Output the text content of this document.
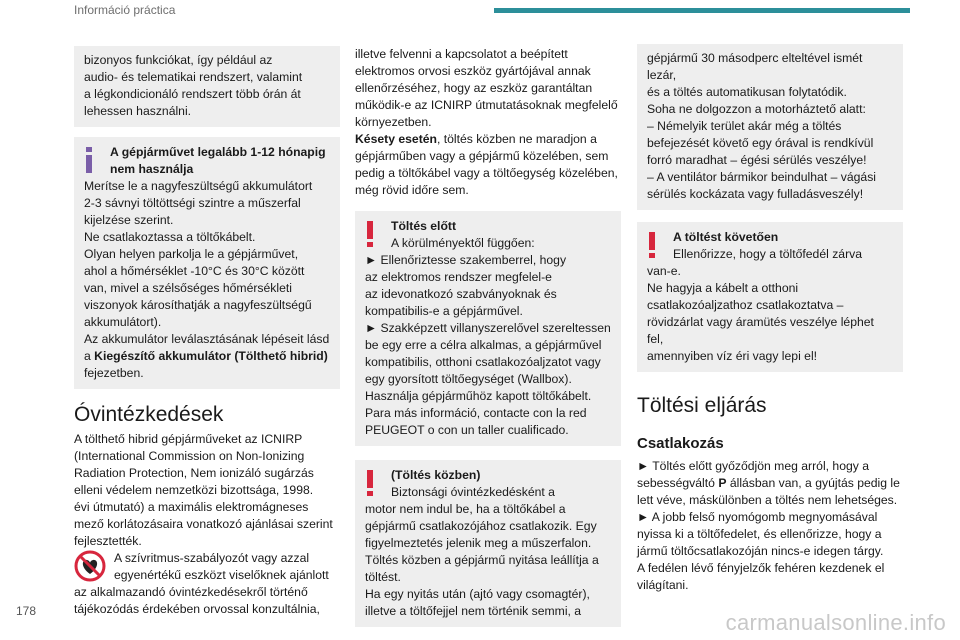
Információ práctica

bizonyos funkciókat, így például az

audio- és telematikai rendszert, valamint

a légkondicionáló rendszert több órán át

lehessen használni.

A gépjárművet legalább 1-12 hónapig

nem használja

Merítse le a nagyfeszültségű akkumulátort

2-3 sávnyi töltöttségi szintre a műszerfal

kijelzése szerint.

Ne csatlakoztassa a töltőkábelt.

Olyan helyen parkolja le a gépjárművet,

ahol a hőmérséklet -10°C és 30°C között

van, mivel a szélsőséges hőmérsékleti

viszonyok károsíthatják a nagyfeszültségű

akkumulátort).

Az akkumulátor leválasztásának lépéseit lásd

a Kiegészítő akkumulátor (Tölthető hibrid)

fejezetben.

Óvintézkedések

A tölthető hibrid gépjárműveket az ICNIRP

(International Commission on Non-Ionizing

Radiation Protection, Nem ionizáló sugárzás

elleni védelem nemzetközi bizottsága, 1998.

évi útmutató) a maximális elektromágneses

mező korlátozásaira vonatkozó ajánlásai szerint

fejlesztették.

A szívritmus-szabályozót vagy azzal

egyenértékű eszközt viselőknek ajánlott

az alkalmazandó óvintézkedésekről történő

tájékozódás érdekében orvossal konzultálnia,

illetve felvenni a kapcsolatot a beépített

elektromos orvosi eszköz gyártójával annak

ellenőrzéséhez, hogy az eszköz garantáltan

működik-e az ICNIRP útmutatásoknak megfelelő

környezetben.

Késety esetén, töltés közben ne maradjon a

gépjárműben vagy a gépjármű közelében, sem

pedig a töltőkábel vagy a töltőegység közelében,

még rövid időre sem.

Töltés előtt

A körülményektől függően:

► Ellenőriztesse szakemberrel, hogy

az elektromos rendszer megfelel-e

az idevonatkozó szabványoknak és

kompatibilis-e a gépjárművel.

► Szakképzett villanyszerelővel szereltessen

be egy erre a célra alkalmas, a gépjárművel

kompatibilis, otthoni csatlakozóaljzatot vagy

egy gyorsított töltőegységet (Wallbox).

Használja gépjárműhöz kapott töltőkábelt.

Para más információ, contacte con la red

PEUGEOT o con un taller cualificado.

(Töltés közben)

Biztonsági óvintézkedésként a

motor nem indul be, ha a töltőkábel a

gépjármű csatlakozójához csatlakozik. Egy

figyelmeztetés jelenik meg a műszerfalon.

Töltés közben a gépjármű nyitása leállítja a

töltést.

Ha egy nyitás után (ajtó vagy csomagtér),

illetve a töltőfejjel nem történik semmi, a

gépjármű 30 másodperc elteltével ismét lezár,

és a töltés automatikusan folytatódik.

Soha ne dolgozzon a motorháztető alatt:

– Némelyik terület akár még a töltés

befejezését követő egy órával is rendkívül

forró maradhat – égési sérülés veszélye!

– A ventilátor bármikor beindulhat – vágási

sérülés kockázata vagy fulladásveszély!

A töltést követően

Ellenőrizze, hogy a töltőfedél zárva

van-e.

Ne hagyja a kábelt a otthoni

csatlakozóaljzathoz csatlakoztatva –

rövidzárlat vagy áramütés veszélye léphet fel,

amennyiben víz éri vagy lepi el!

Töltési eljárás
Csatlakozás

► Töltés előtt győződjön meg arról, hogy a

sebességváltó P állásban van, a gyújtás pedig le

lett véve, máskülönben a töltés nem lehetséges.

► A jobb felső nyomógomb megnyomásával

nyissa ki a töltőfedelet, és ellenőrizze, hogy a

jármű töltőcsatlakozóján nincs-e idegen tárgy.

A fedélen lévő fényjelzők fehéren kezdenek el

világítani.

178	carmanualsonline.info
